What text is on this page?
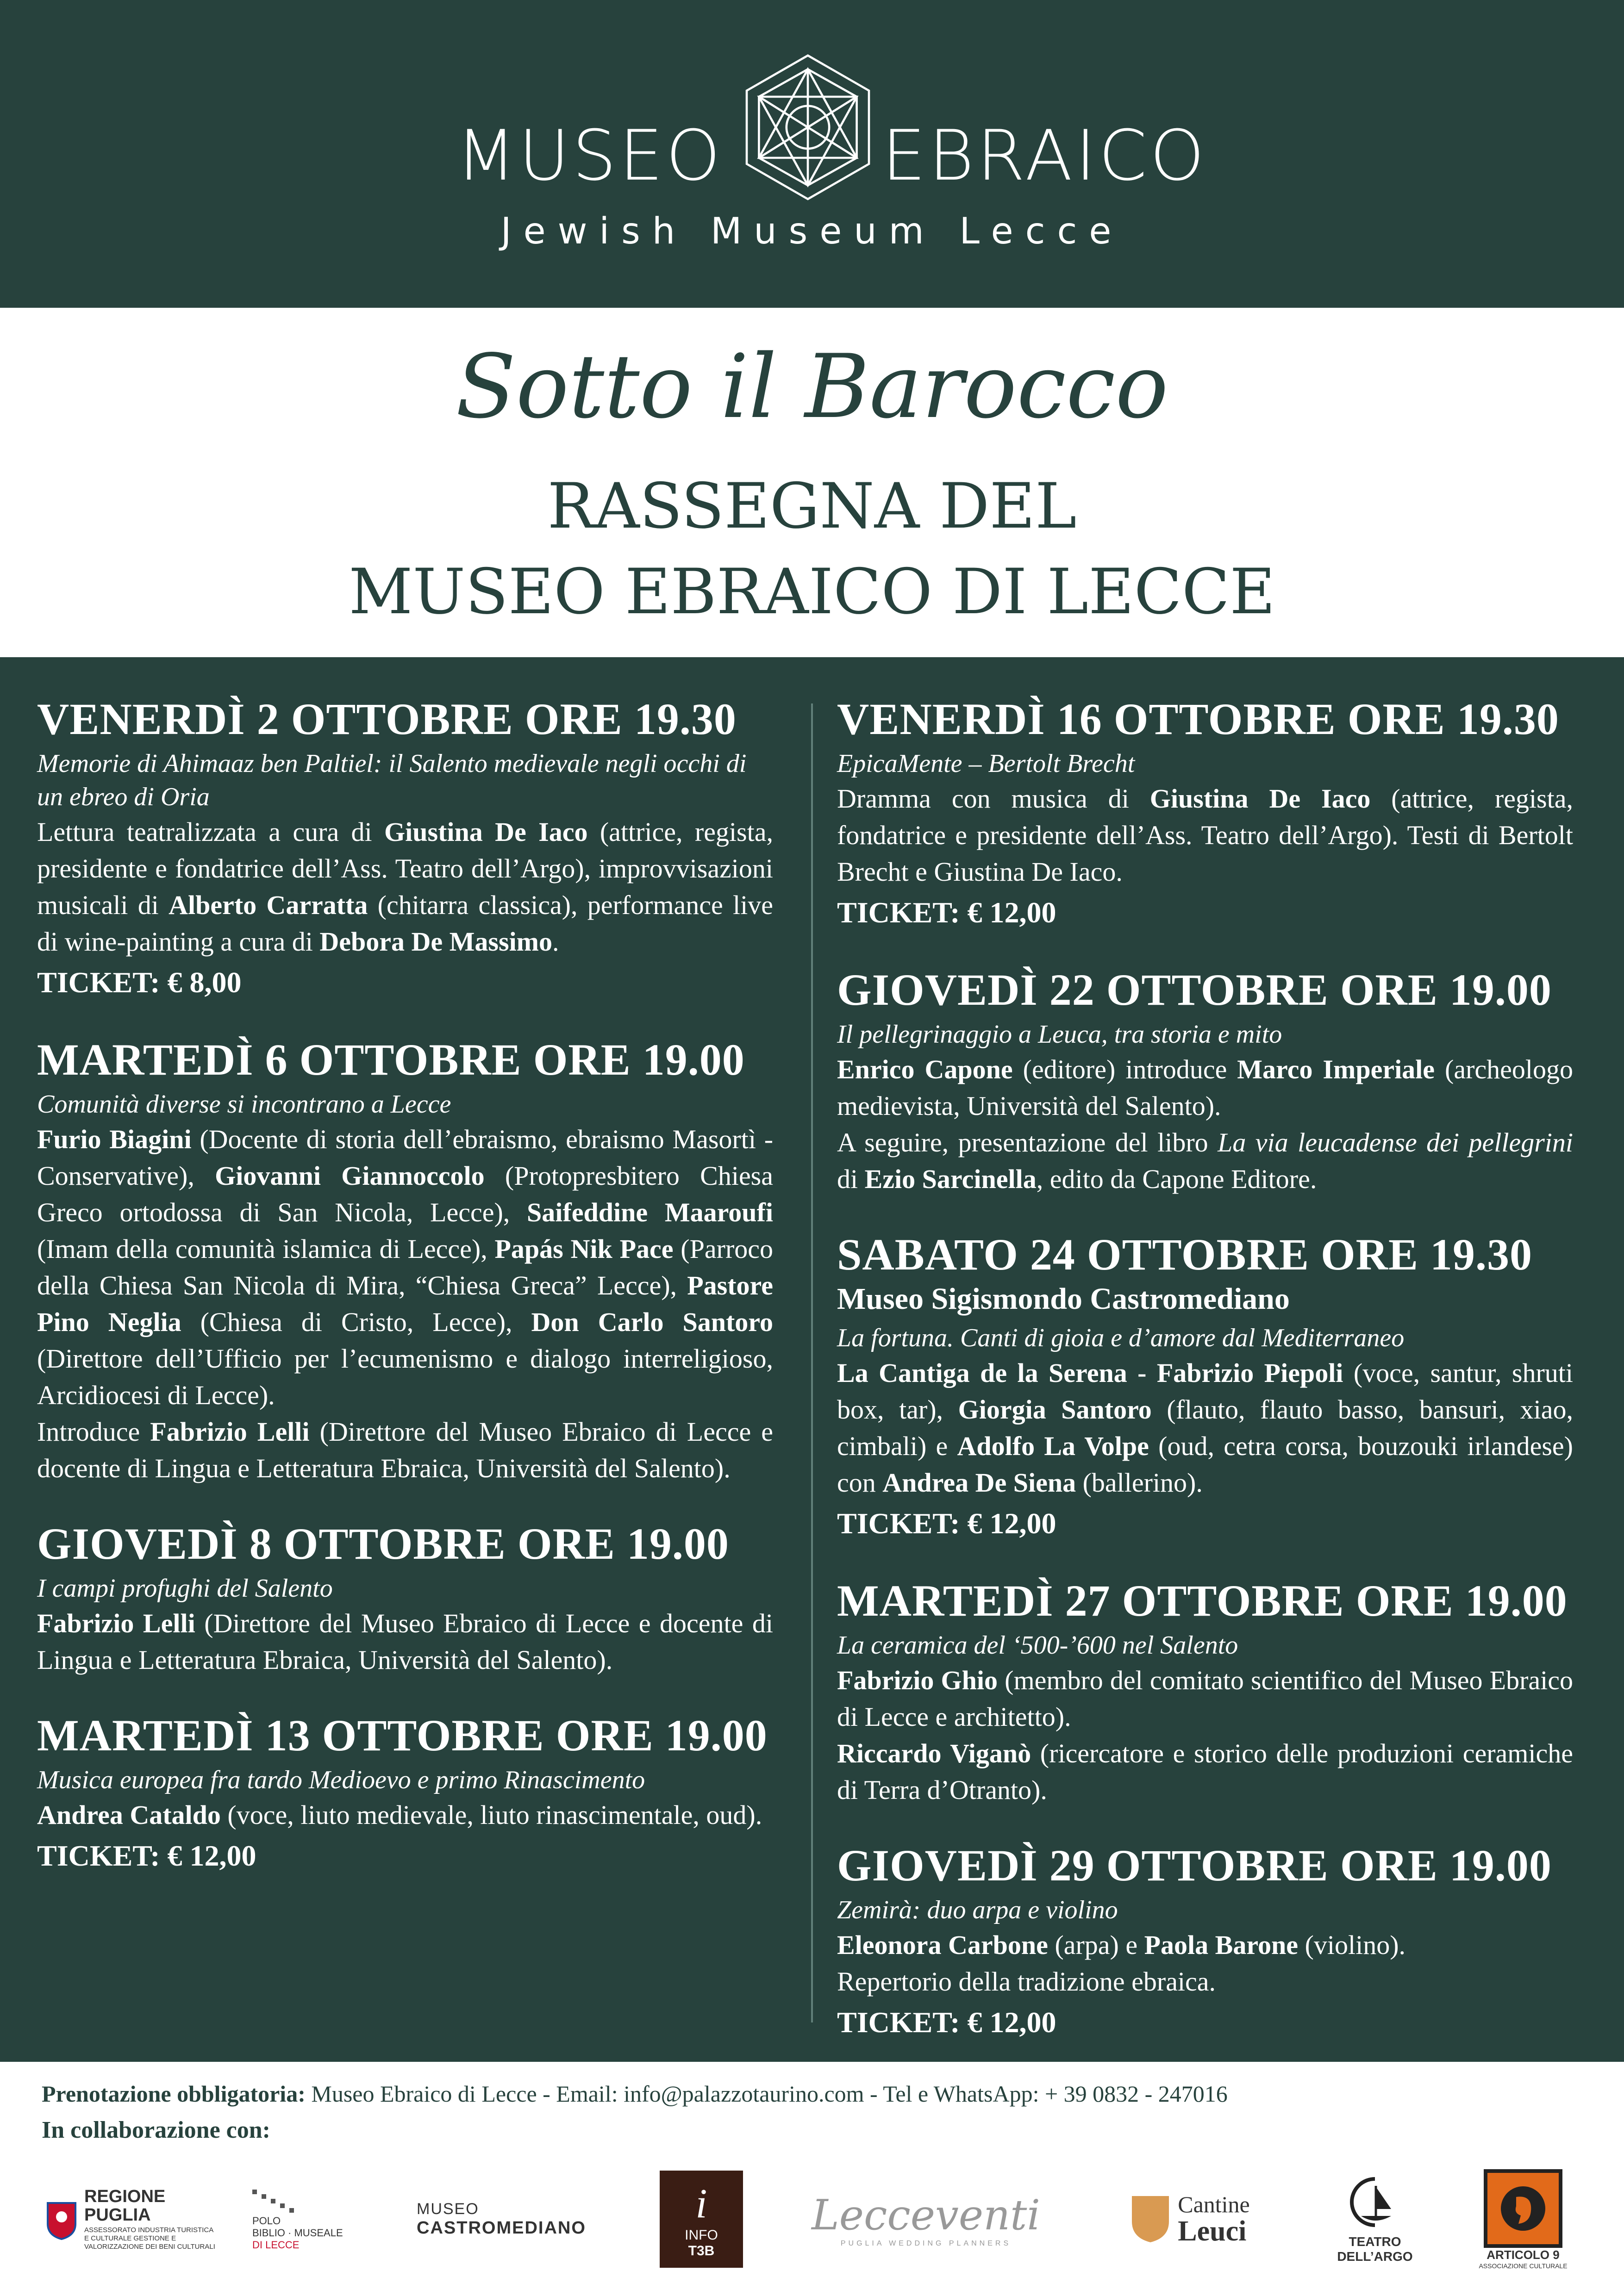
MUSEO EBRAICO
Jewish Museum Lecce
Sotto il Barocco
RASSEGNA DEL
MUSEO EBRAICO DI LECCE
VENERDÌ 2 OTTOBRE ORE 19.30
Memorie di Ahimaaz ben Paltiel: il Salento medievale negli occhi di un ebreo di Oria
Lettura teatralizzata a cura di Giustina De Iaco (attrice, regista, presidente e fondatrice dell’Ass. Teatro dell’Argo), improvvisazioni musicali di Alberto Carratta (chitarra classica), performance live di wine-painting a cura di Debora De Massimo.
TICKET: € 8,00
MARTEDÌ 6 OTTOBRE ORE 19.00
Comunità diverse si incontrano a Lecce
Furio Biagini (Docente di storia dell’ebraismo, ebraismo Masortì - Conservative), Giovanni Giannoccolo (Protopresbitero Chiesa Greco ortodossa di San Nicola, Lecce), Saifeddine Maaroufi (Imam della comunità islamica di Lecce), Papás Nik Pace (Parroco della Chiesa San Nicola di Mira, “Chiesa Greca” Lecce), Pastore Pino Neglia (Chiesa di Cristo, Lecce), Don Carlo Santoro (Direttore dell’Ufficio per l’ecumenismo e dialogo interreligioso, Arcidiocesi di Lecce).
Introduce Fabrizio Lelli (Direttore del Museo Ebraico di Lecce e docente di Lingua e Letteratura Ebraica, Università del Salento).
GIOVEDÌ 8 OTTOBRE ORE 19.00
I campi profughi del Salento
Fabrizio Lelli (Direttore del Museo Ebraico di Lecce e docente di Lingua e Letteratura Ebraica, Università del Salento).
MARTEDÌ 13 OTTOBRE ORE 19.00
Musica europea fra tardo Medioevo e primo Rinascimento
Andrea Cataldo (voce, liuto medievale, liuto rinascimentale, oud).
TICKET: € 12,00
VENERDÌ 16 OTTOBRE ORE 19.30
EpicaMente – Bertolt Brecht
Dramma con musica di Giustina De Iaco (attrice, regista, fondatrice e presidente dell’Ass. Teatro dell’Argo). Testi di Bertolt Brecht e Giustina De Iaco.
TICKET: € 12,00
GIOVEDÌ 22 OTTOBRE ORE 19.00
Il pellegrinaggio a Leuca, tra storia e mito
Enrico Capone (editore) introduce Marco Imperiale (archeologo medievista, Università del Salento).
A seguire, presentazione del libro La via leucadense dei pellegrini di Ezio Sarcinella, edito da Capone Editore.
SABATO 24 OTTOBRE ORE 19.30
Museo Sigismondo Castromediano
La fortuna. Canti di gioia e d’amore dal Mediterraneo
La Cantiga de la Serena - Fabrizio Piepoli (voce, santur, shruti box, tar), Giorgia Santoro (flauto, flauto basso, bansuri, xiao, cimbali) e Adolfo La Volpe (oud, cetra corsa, bouzouki irlandese) con Andrea De Siena (ballerino).
TICKET: € 12,00
MARTEDÌ 27 OTTOBRE ORE 19.00
La ceramica del ‘500-’600 nel Salento
Fabrizio Ghio (membro del comitato scientifico del Museo Ebraico di Lecce e architetto).
Riccardo Viganò (ricercatore e storico delle produzioni ceramiche di Terra d’Otranto).
GIOVEDÌ 29 OTTOBRE ORE 19.00
Zemirà: duo arpa e violino
Eleonora Carbone (arpa) e Paola Barone (violino).
Repertorio della tradizione ebraica.
TICKET: € 12,00
Prenotazione obbligatoria: Museo Ebraico di Lecce - Email: info@palazzotaurino.com - Tel e WhatsApp: + 39 0832 - 247016
In collaborazione con:
REGIONE
PUGLIA
ASSESSORATO INDUSTRIA TURISTICA E CULTURALE GESTIONE E VALORIZZAZIONE DEI BENI CULTURALI
POLO
BIBLIO · MUSEALE
DI LECCE
MUSEO
CASTROMEDIANO
i
INFO
T3B
Lecceventi
PUGLIA WEDDING PLANNERS
Cantine
Leuci	TEATRO
DELL’ARGO	ARTICOLO 9
ASSOCIAZIONE CULTURALE
